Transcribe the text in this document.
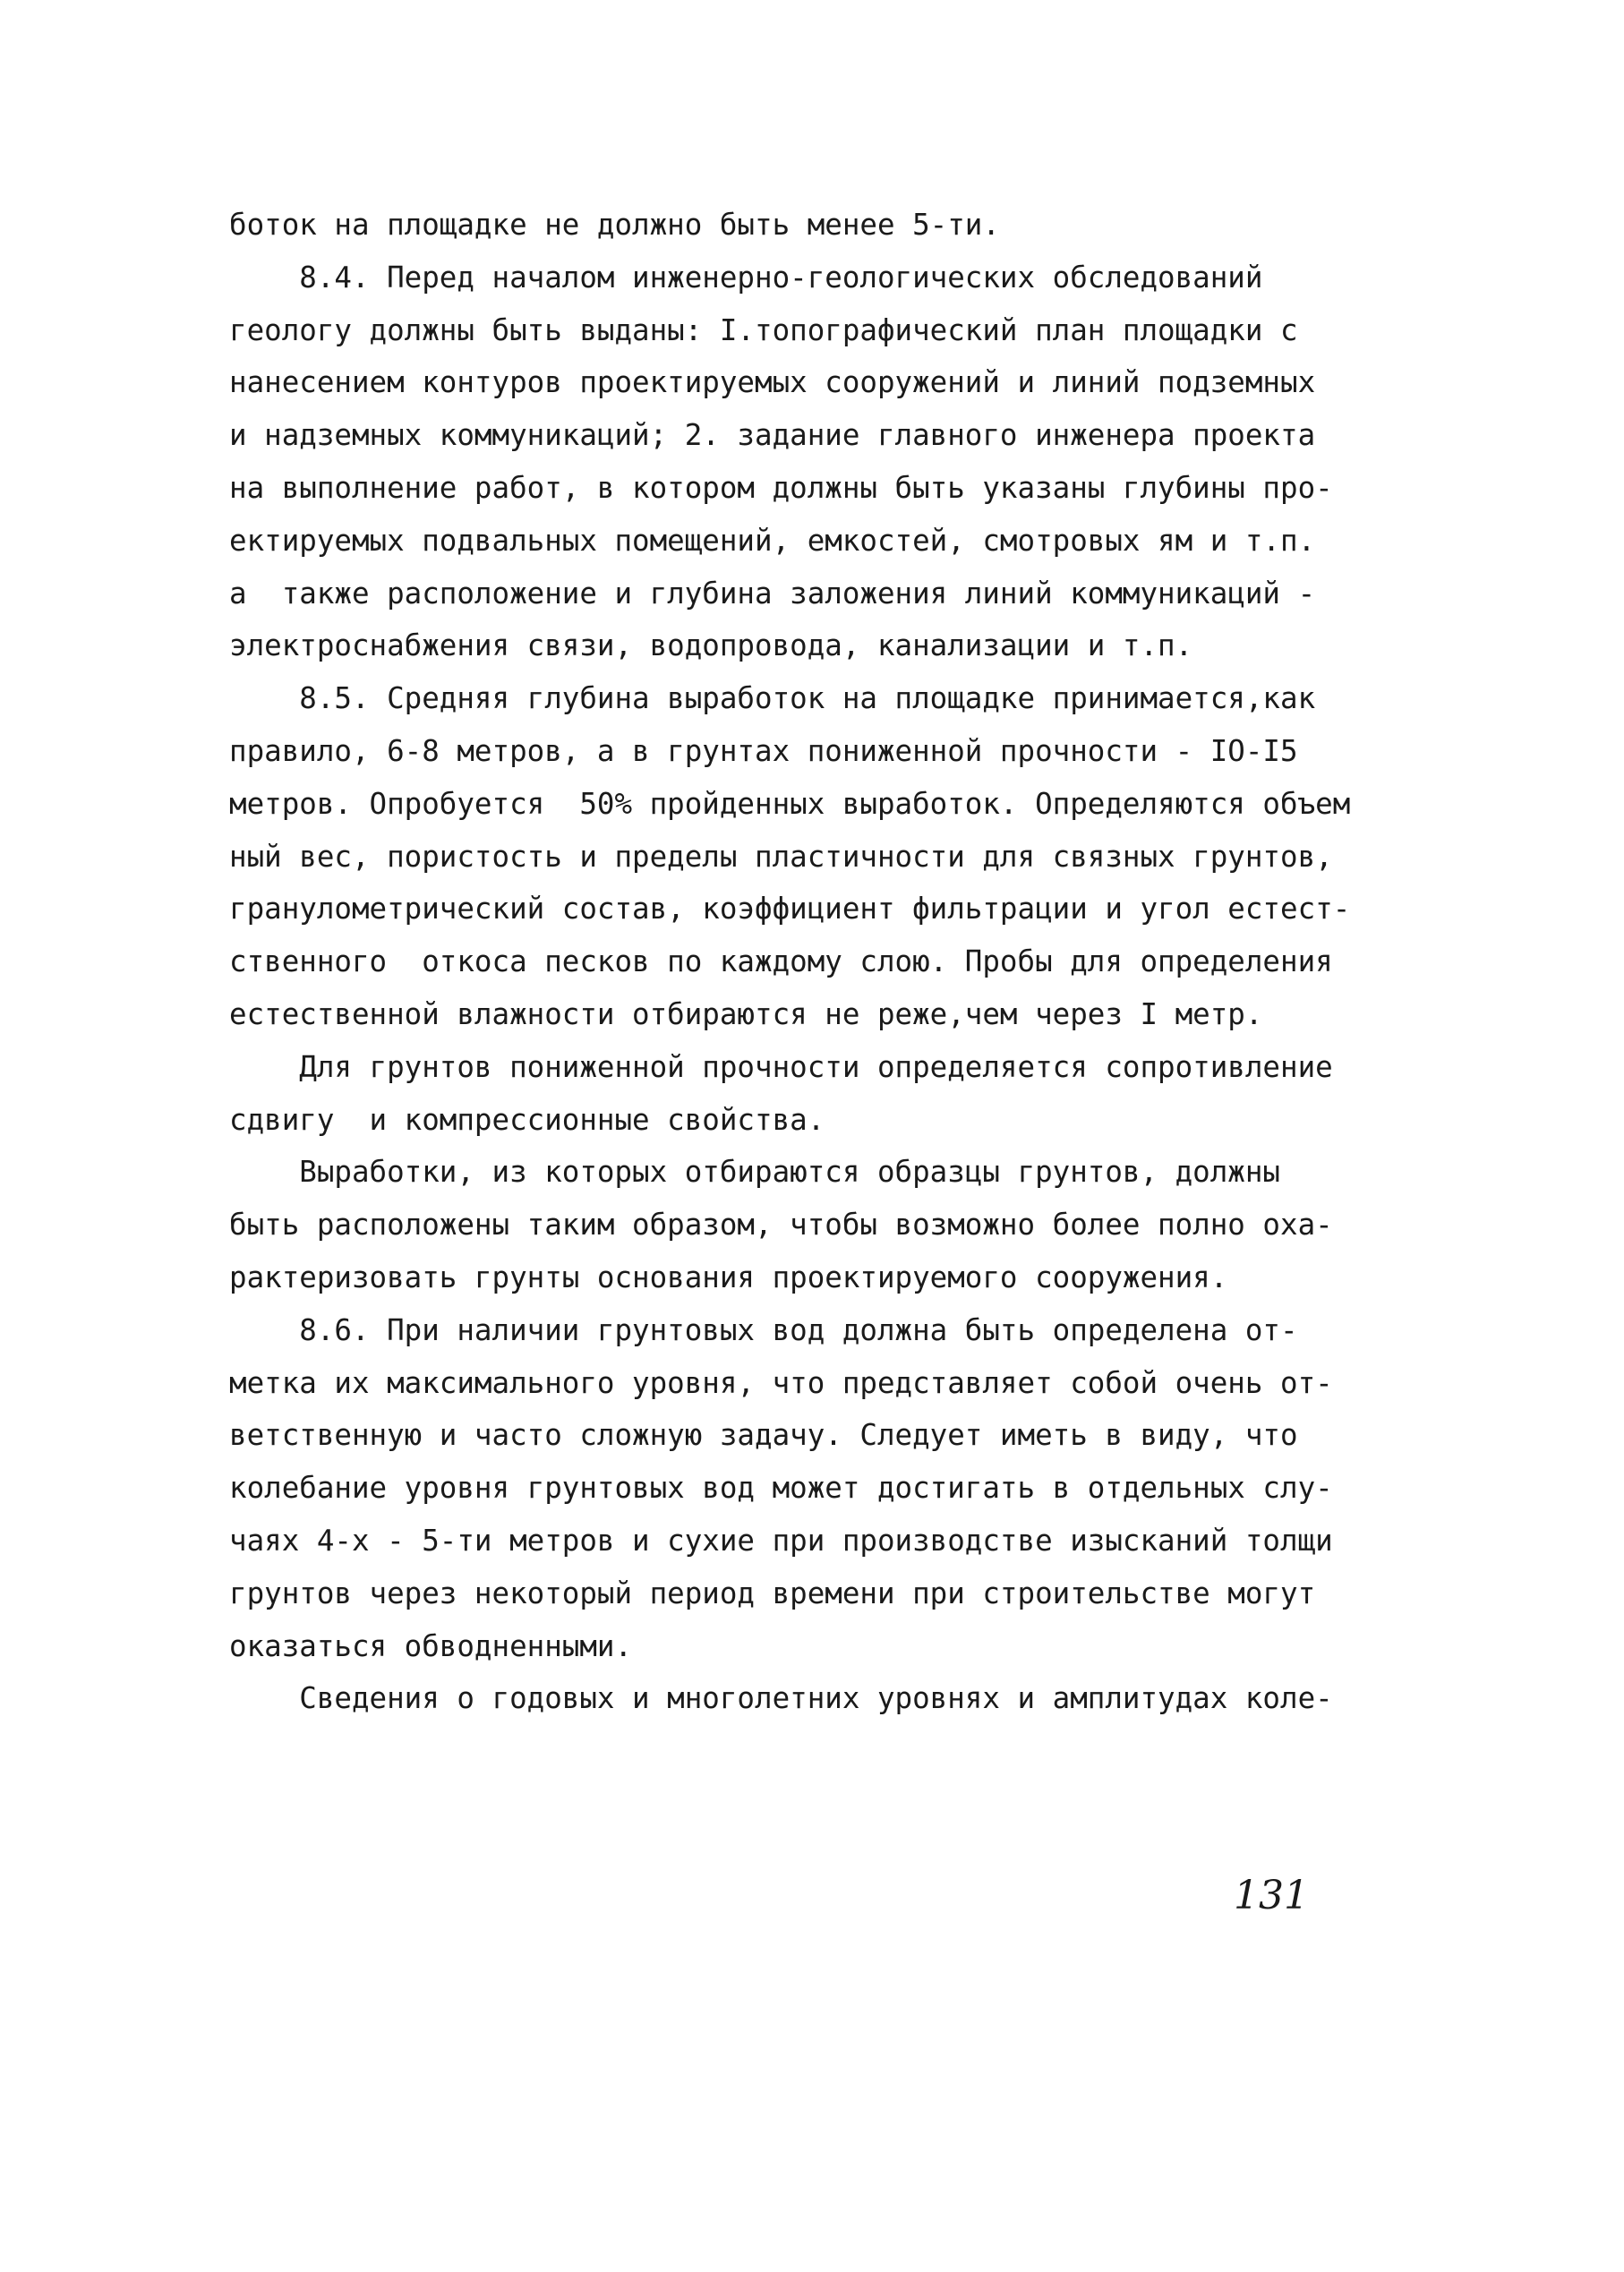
боток на площадке не должно быть менее 5-ти.
8.4. Перед началом инженерно-геологических обследований
геологу должны быть выданы: I.топографический план площадки с
нанесением контуров проектируемых сооружений и линий подземных
и надземных коммуникаций; 2. задание главного инженера проекта
на выполнение работ, в котором должны быть указаны глубины про-
ектируемых подвальных помещений, емкостей, смотровых ям и т.п.
а  также расположение и глубина заложения линий коммуникаций -
электроснабжения связи, водопровода, канализации и т.п.
8.5. Средняя глубина выработок на площадке принимается,как
правило, 6-8 метров, а в грунтах пониженной прочности - IO-I5
метров. Опробуется  50% пройденных выработок. Определяются объем
ный вес, пористость и пределы пластичности для связных грунтов,
гранулометрический состав, коэффициент фильтрации и угол естест-
ственного  откоса песков по каждому слою. Пробы для определения
естественной влажности отбираются не реже,чем через I метр.
Для грунтов пониженной прочности определяется сопротивление
сдвигу  и компрессионные свойства.
Выработки, из которых отбираются образцы грунтов, должны
быть расположены таким образом, чтобы возможно более полно оха-
рактеризовать грунты основания проектируемого сооружения.
8.6. При наличии грунтовых вод должна быть определена от-
метка их максимального уровня, что представляет собой очень от-
ветственную и часто сложную задачу. Следует иметь в виду, что
колебание уровня грунтовых вод может достигать в отдельных слу-
чаях 4-х - 5-ти метров и сухие при производстве изысканий толщи
грунтов через некоторый период времени при строительстве могут
оказаться обводненными.
Сведения о годовых и многолетних уровнях и амплитудах коле-
131
